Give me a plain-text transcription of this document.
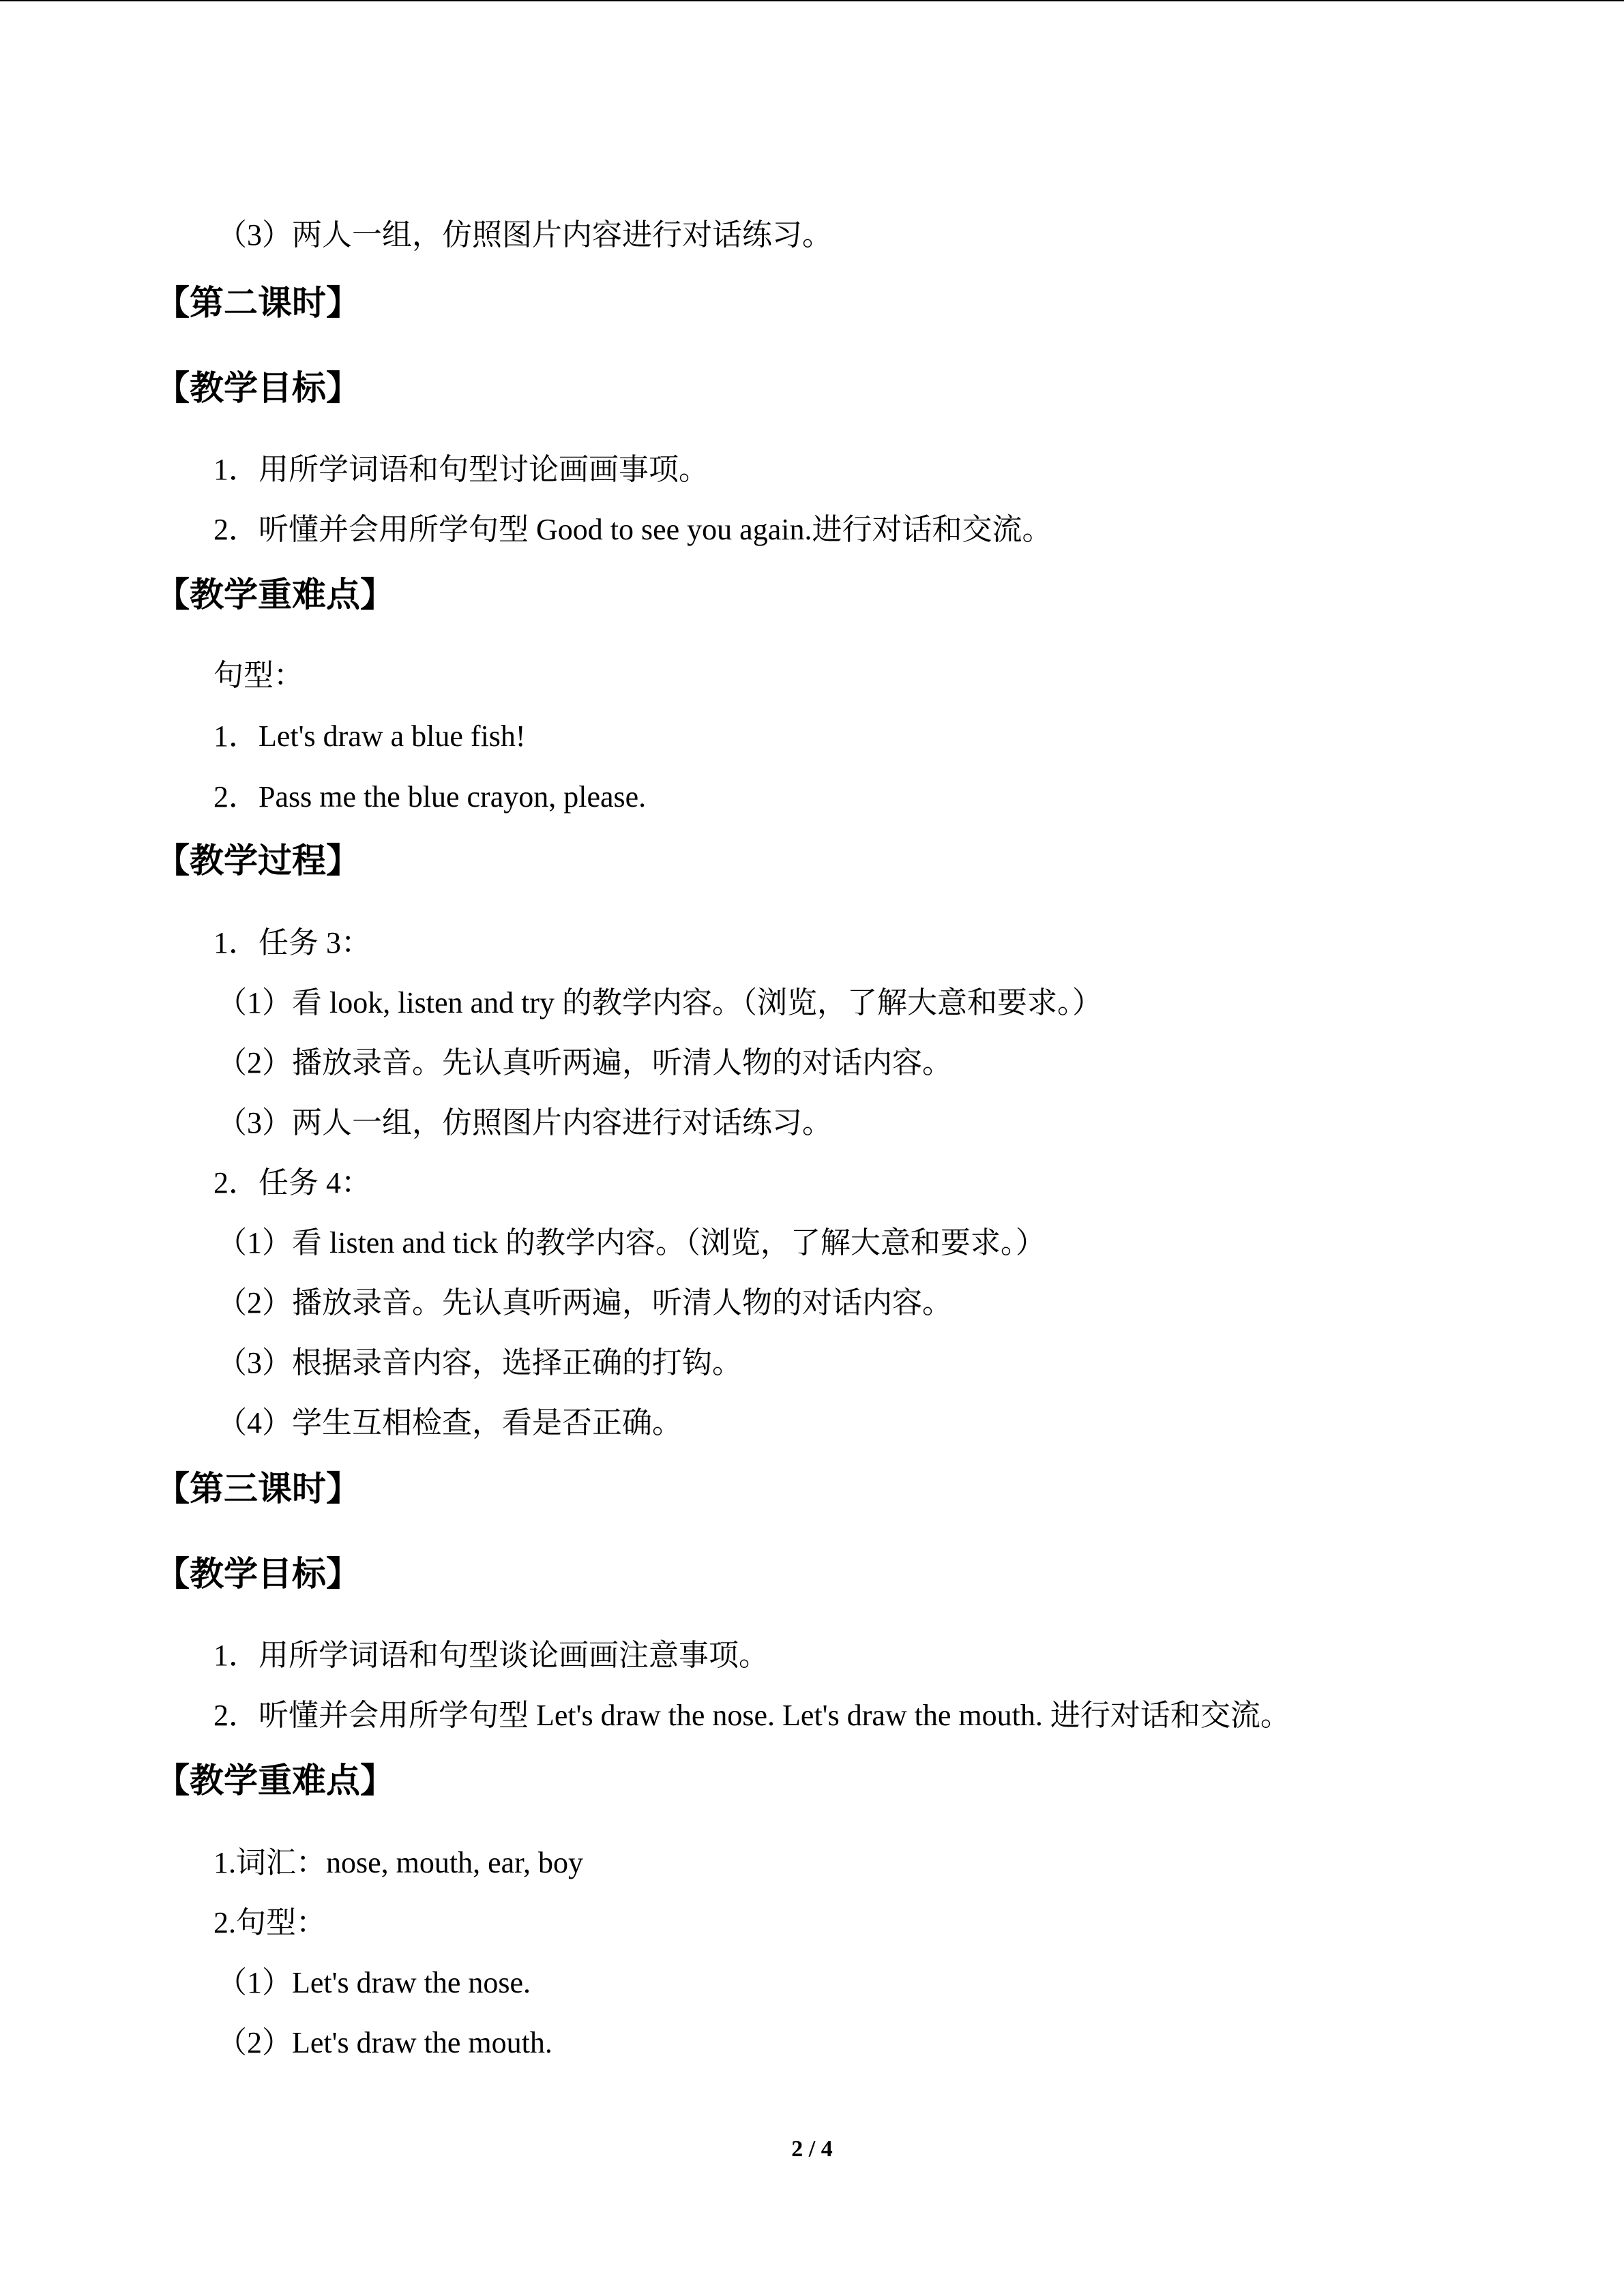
（3）两人一组，仿照图片内容进行对话练习。
【第二课时】
【教学目标】
1．用所学词语和句型讨论画画事项。
2．听懂并会用所学句型 Good to see you again.进行对话和交流。
【教学重难点】
句型：
1．Let's draw a blue fish!
2．Pass me the blue crayon, please.
【教学过程】
1．任务 3：
（1）看 look, listen and try 的教学内容。（浏览，了解大意和要求。）
（2）播放录音。先认真听两遍，听清人物的对话内容。
（3）两人一组，仿照图片内容进行对话练习。
2．任务 4：
（1）看 listen and tick 的教学内容。（浏览，了解大意和要求。）
（2）播放录音。先认真听两遍，听清人物的对话内容。
（3）根据录音内容，选择正确的打钩。
（4）学生互相检查，看是否正确。
【第三课时】
【教学目标】
1．用所学词语和句型谈论画画注意事项。
2．听懂并会用所学句型 Let's draw the nose. Let's draw the mouth. 进行对话和交流。
【教学重难点】
1.词汇：nose, mouth, ear, boy
2.句型：
（1）Let's draw the nose.
（2）Let's draw the mouth.
2 / 4
